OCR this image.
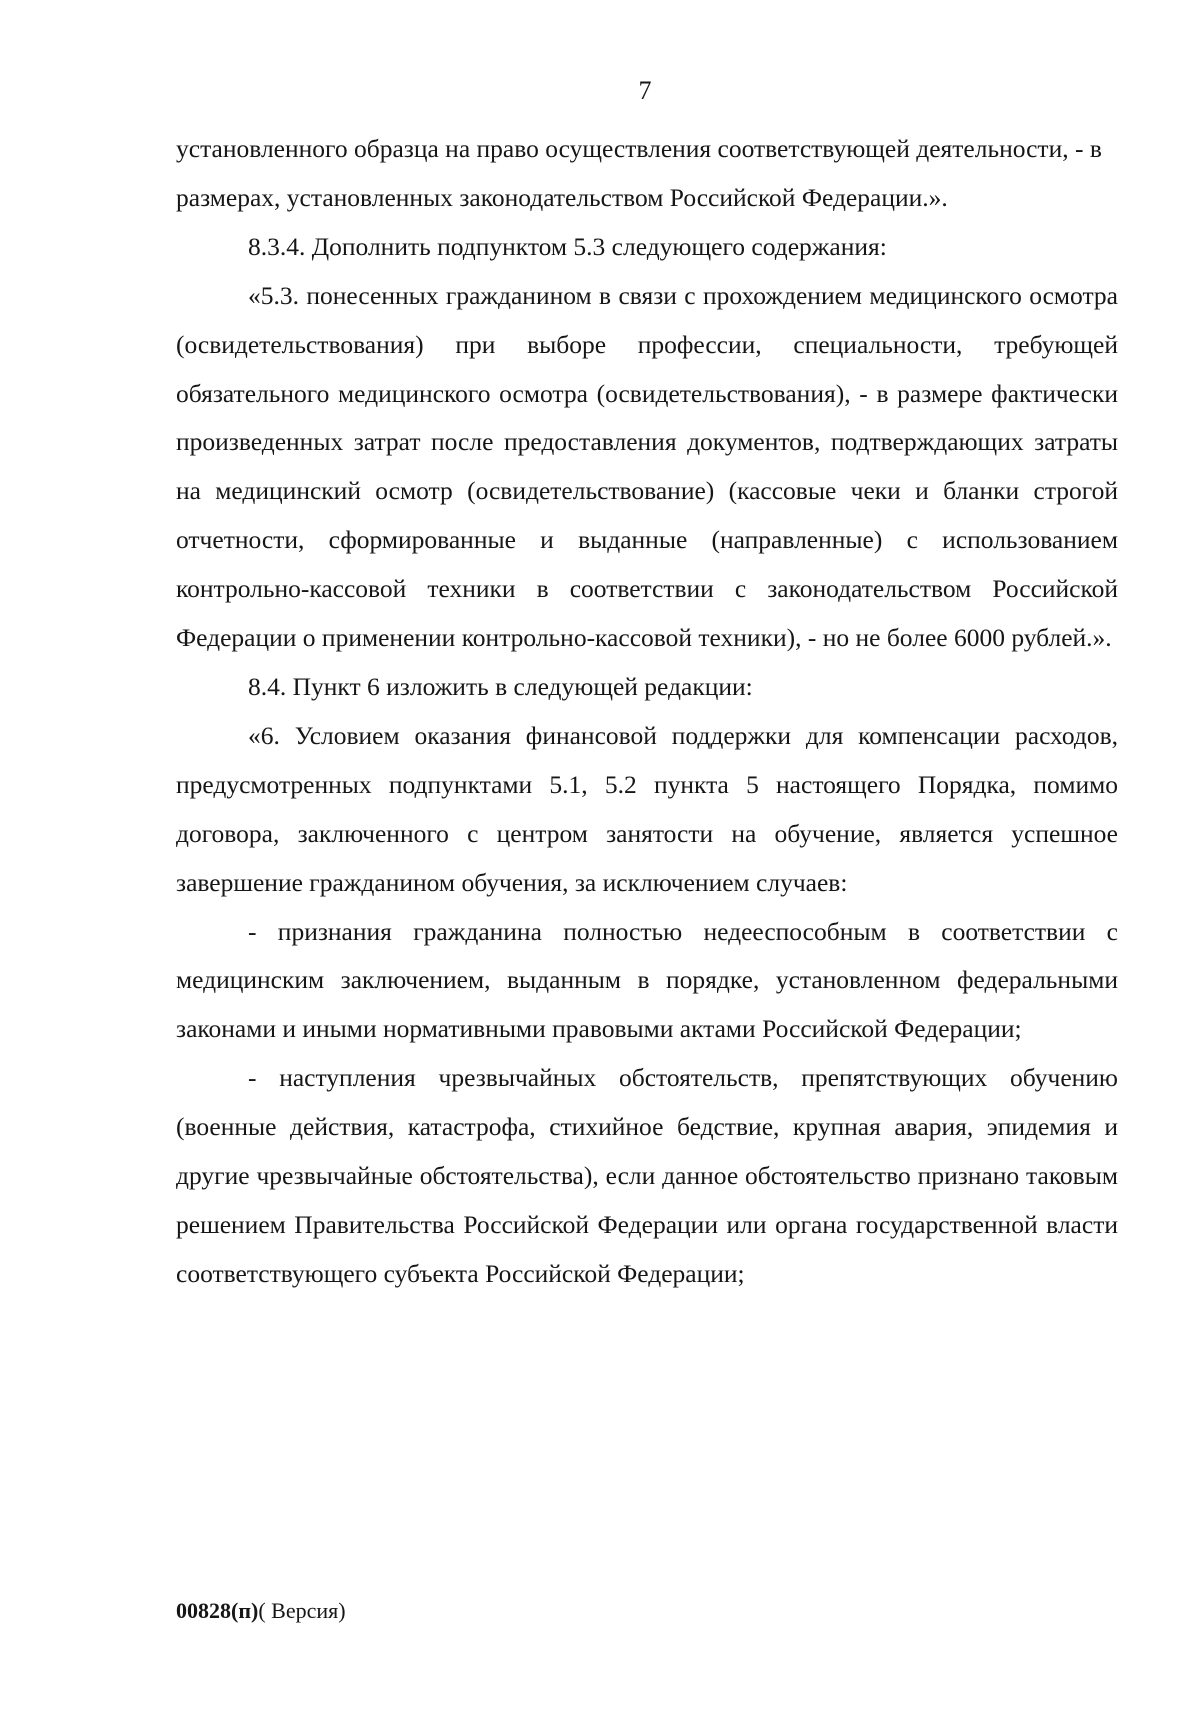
7

установленного образца на право осуществления соответствующей деятельности, - в размерах, установленных законодательством Российской Федерации.».

8.3.4. Дополнить подпунктом 5.3 следующего содержания:

«5.3. понесенных гражданином в связи с прохождением медицинского осмотра (освидетельствования) при выборе профессии, специальности, требующей обязательного медицинского осмотра (освидетельствования), - в размере фактически произведенных затрат после предоставления документов, подтверждающих затраты на медицинский осмотр (освидетельствование) (кассовые чеки и бланки строгой отчетности, сформированные и выданные (направленные) с использованием контрольно-кассовой техники в соответствии с законодательством Российской Федерации о применении контрольно-кассовой техники), - но не более 6000 рублей.».

8.4. Пункт 6 изложить в следующей редакции:

«6. Условием оказания финансовой поддержки для компенсации расходов, предусмотренных подпунктами 5.1, 5.2 пункта 5 настоящего Порядка, помимо договора, заключенного с центром занятости на обучение, является успешное завершение гражданином обучения, за исключением случаев:

- признания гражданина полностью недееспособным в соответствии с медицинским заключением, выданным в порядке, установленном федеральными законами и иными нормативными правовыми актами Российской Федерации;

- наступления чрезвычайных обстоятельств, препятствующих обучению (военные действия, катастрофа, стихийное бедствие, крупная авария, эпидемия и другие чрезвычайные обстоятельства), если данное обстоятельство признано таковым решением Правительства Российской Федерации или органа государственной власти соответствующего субъекта Российской Федерации;

00828(п)( Версия)
